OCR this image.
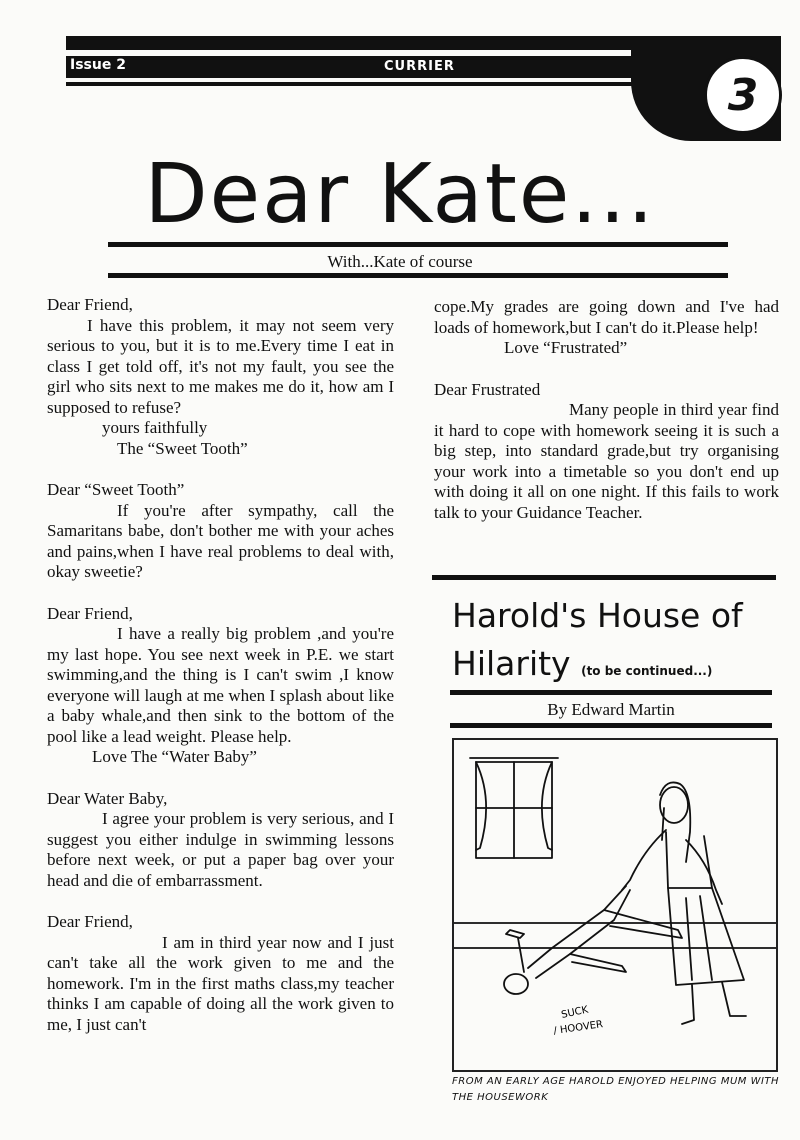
Issue 2	CURRIER
3
Dear Kate...
With...Kate of course

Dear Friend,

I have this problem, it may not seem very serious to you, but it is to me.Every time I eat in class I get told off, it's not my fault, you see the girl who sits next to me makes me do it, how am I supposed to refuse?

yours faithfully

The “Sweet Tooth”

Dear “Sweet Tooth”

If you're after sympathy, call the Samaritans babe, don't bother me with your aches and pains,when I have real problems to deal with, okay sweetie?

Dear Friend,

I have a really big problem ,and you're my last hope. You see next week in P.E. we start swimming,and the thing is I can't swim ,I know everyone will laugh at me when I splash about like a baby whale,and then sink to the bottom of the pool like a lead weight. Please help.

Love The “Water Baby”

Dear Water Baby,

I agree your problem is very serious, and I suggest you either indulge in swimming lessons before next week, or put a paper bag over your head and die of embarrassment.

Dear Friend,

I am in third year now and I just can't take all the work given to me and the homework. I'm in the first maths class,my teacher thinks I am capable of doing all the work given to me, I just can't

cope.My grades are going down and I've had loads of homework,but I can't do it.Please help!

Love “Frustrated”

Dear Frustrated

Many people in third year find it hard to cope with homework seeing it is such a big step, into standard grade,but try organising your work into a timetable so you don't end up with doing it all on one night. If this fails to work talk to your Guidance Teacher.

Harold's House of
Hilarity (to be continued...)
By Edward Martin
SUCK
/ HOOVER
FROM AN EARLY AGE HAROLD ENJOYED HELPING MUM WITH THE HOUSEWORK
